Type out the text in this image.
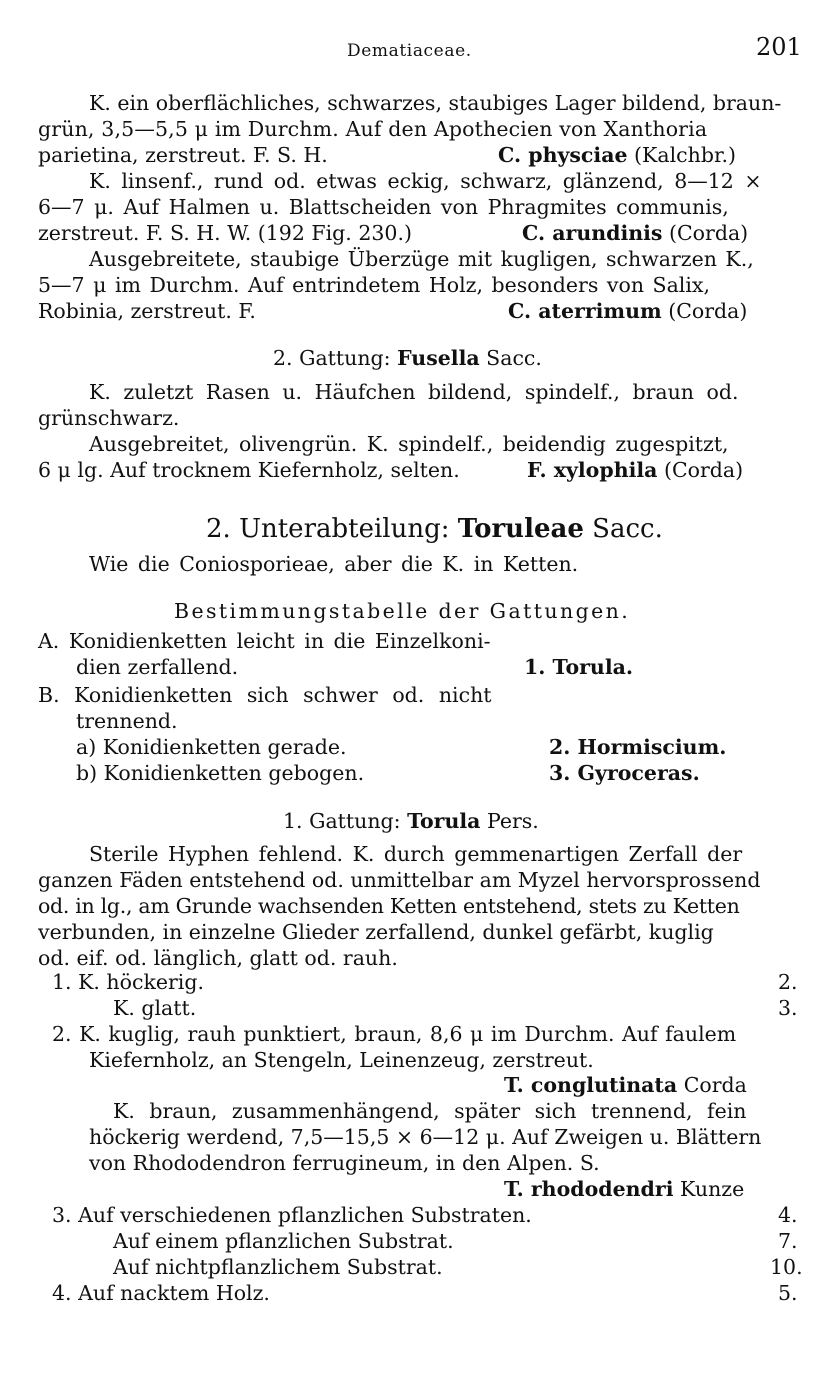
Dematiaceae.	201
K. ein oberflächliches, schwarzes, staubiges Lager bildend, braun-
grün, 3,5—5,5 μ im Durchm. Auf den Apothecien von Xanthoria
parietina, zerstreut. F. S. H.	C. physciae (Kalchbr.)
K. linsenf., rund od. etwas eckig, schwarz, glänzend, 8—12 ×
6—7 μ. Auf Halmen u. Blattscheiden von Phragmites communis,
zerstreut. F. S. H. W. (192 Fig. 230.)	C. arundinis (Corda)
Ausgebreitete, staubige Überzüge mit kugligen, schwarzen K.,
5—7 μ im Durchm. Auf entrindetem Holz, besonders von Salix,
Robinia, zerstreut. F.	C. aterrimum (Corda)
2. Gattung: Fusella Sacc.
K. zuletzt Rasen u. Häufchen bildend, spindelf., braun od.
grünschwarz.
Ausgebreitet, olivengrün. K. spindelf., beidendig zugespitzt,
6 μ lg. Auf trocknem Kiefernholz, selten.	F. xylophila (Corda)
2. Unterabteilung: Toruleae Sacc.
Wie die Coniosporieae, aber die K. in Ketten.
Bestimmungstabelle der Gattungen.
A. Konidienketten leicht in die Einzelkoni-
dien zerfallend.	1. Torula.
B. Konidienketten sich schwer od. nicht
trennend.
a) Konidienketten gerade.	2. Hormiscium.
b) Konidienketten gebogen.	3. Gyroceras.
1. Gattung: Torula Pers.
Sterile Hyphen fehlend. K. durch gemmenartigen Zerfall der
ganzen Fäden entstehend od. unmittelbar am Myzel hervorsprossend
od. in lg., am Grunde wachsenden Ketten entstehend, stets zu Ketten
verbunden, in einzelne Glieder zerfallend, dunkel gefärbt, kuglig
od. eif. od. länglich, glatt od. rauh.
1. K. höckerig.	2.
K. glatt.	3.
2. K. kuglig, rauh punktiert, braun, 8,6 μ im Durchm. Auf faulem
Kiefernholz, an Stengeln, Leinenzeug, zerstreut.
T. conglutinata Corda
K. braun, zusammenhängend, später sich trennend, fein
höckerig werdend, 7,5—15,5 × 6—12 μ. Auf Zweigen u. Blättern
von Rhododendron ferrugineum, in den Alpen. S.
T. rhododendri Kunze
3. Auf verschiedenen pflanzlichen Substraten.	4.
Auf einem pflanzlichen Substrat.	7.
Auf nichtpflanzlichem Substrat.	10.
4. Auf nacktem Holz.	5.
